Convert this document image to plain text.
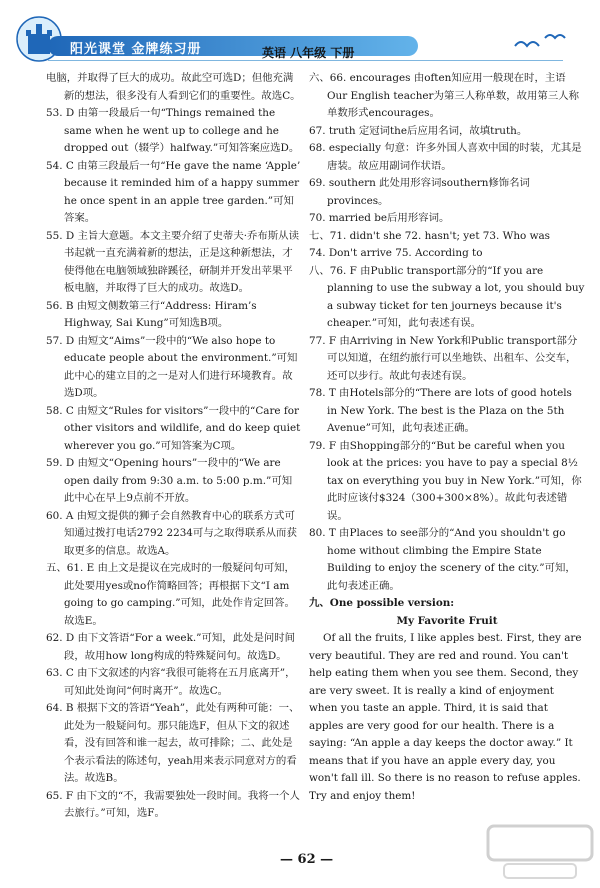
阳光课堂 金牌练习册	英语 八年级 下册

电脑，并取得了巨大的成功。故此空可选D；但他充满新的想法，很多没有人看到它们的重要性。故选C。

53. D 由第一段最后一句“Things remained the same when he went up to college and he dropped out（辍学）halfway.”可知答案应选D。

54. C 由第三段最后一句“He gave the name ‘Apple’ because it reminded him of a happy summer he once spent in an apple tree garden.”可知答案。

55. D 主旨大意题。本文主要介绍了史蒂夫·乔布斯从读书起就一直充满着新的想法，正是这种新想法，才使得他在电脑领域独辟蹊径，研制并开发出苹果平板电脑，并取得了巨大的成功。故选D。

56. B 由短文侧数第三行“Address: Hiram’s Highway, Sai Kung”可知选B项。

57. D 由短文“Aims”一段中的“We also hope to educate people about the environment.”可知此中心的建立目的之一是对人们进行环境教育。故选D项。

58. C 由短文“Rules for visitors”一段中的“Care for other visitors and wildlife, and do keep quiet wherever you go.”可知答案为C项。

59. D 由短文“Opening hours”一段中的“We are open daily from 9:30 a.m. to 5:00 p.m.”可知此中心在早上9点前不开放。

60. A 由短文提供的狮子会自然教育中心的联系方式可知通过拨打电话2792 2234可与之取得联系从而获取更多的信息。故选A。

五、61. E 由上文是提议在完成时的一般疑问句可知，此处要用yes或no作简略回答；再根据下文“I am going to go camping.”可知，此处作肯定回答。故选E。

62. D 由下文答语“For a week.”可知，此处是问时间段，故用how long构成的特殊疑问句。故选D。

63. C 由下文叙述的内容“我很可能将在五月底离开”，可知此处询问“何时离开”。故选C。

64. B 根据下文的答语“Yeah”，此处有两种可能：一、此处为一般疑问句。那只能选F，但从下文的叙述看，没有回答和谁一起去，故可排除；二、此处是个表示看法的陈述句，yeah用来表示同意对方的看法。故选B。

65. F 由下文的“不，我需要独处一段时间。我将一个人去旅行。”可知，选F。

六、66. encourages 由often知应用一般现在时，主语Our English teacher为第三人称单数，故用第三人称单数形式encourages。

67. truth 定冠词the后应用名词，故填truth。

68. especially 句意：许多外国人喜欢中国的时装，尤其是唐装。故应用副词作状语。

69. southern 此处用形容词southern修饰名词provinces。

70. married be后用形容词。

七、71. didn't she 72. hasn't; yet 73. Who was

74. Don't arrive 75. According to

八、76. F 由Public transport部分的“If you are planning to use the subway a lot, you should buy a subway ticket for ten journeys because it's cheaper.”可知，此句表述有误。

77. F 由Arriving in New York和Public transport部分可以知道，在纽约旅行可以坐地铁、出租车、公交车，还可以步行。故此句表述有误。

78. T 由Hotels部分的“There are lots of good hotels in New York. The best is the Plaza on the 5th Avenue”可知，此句表述正确。

79. F 由Shopping部分的“But be careful when you look at the prices: you have to pay a special 8½ tax on everything you buy in New York.”可知，你此时应该付$324（300+300×8%）。故此句表述错误。

80. T 由Places to see部分的“And you shouldn't go home without climbing the Empire State Building to enjoy the scenery of the city.”可知，此句表述正确。

九、One possible version:

My Favorite Fruit

Of all the fruits, I like apples best. First, they are very beautiful. They are red and round. You can't help eating them when you see them. Second, they are very sweet. It is really a kind of enjoyment when you taste an apple. Third, it is said that apples are very good for our health. There is a saying: “An apple a day keeps the doctor away.” It means that if you have an apple every day, you won't fall ill. So there is no reason to refuse apples. Try and enjoy them!

— 62 —
